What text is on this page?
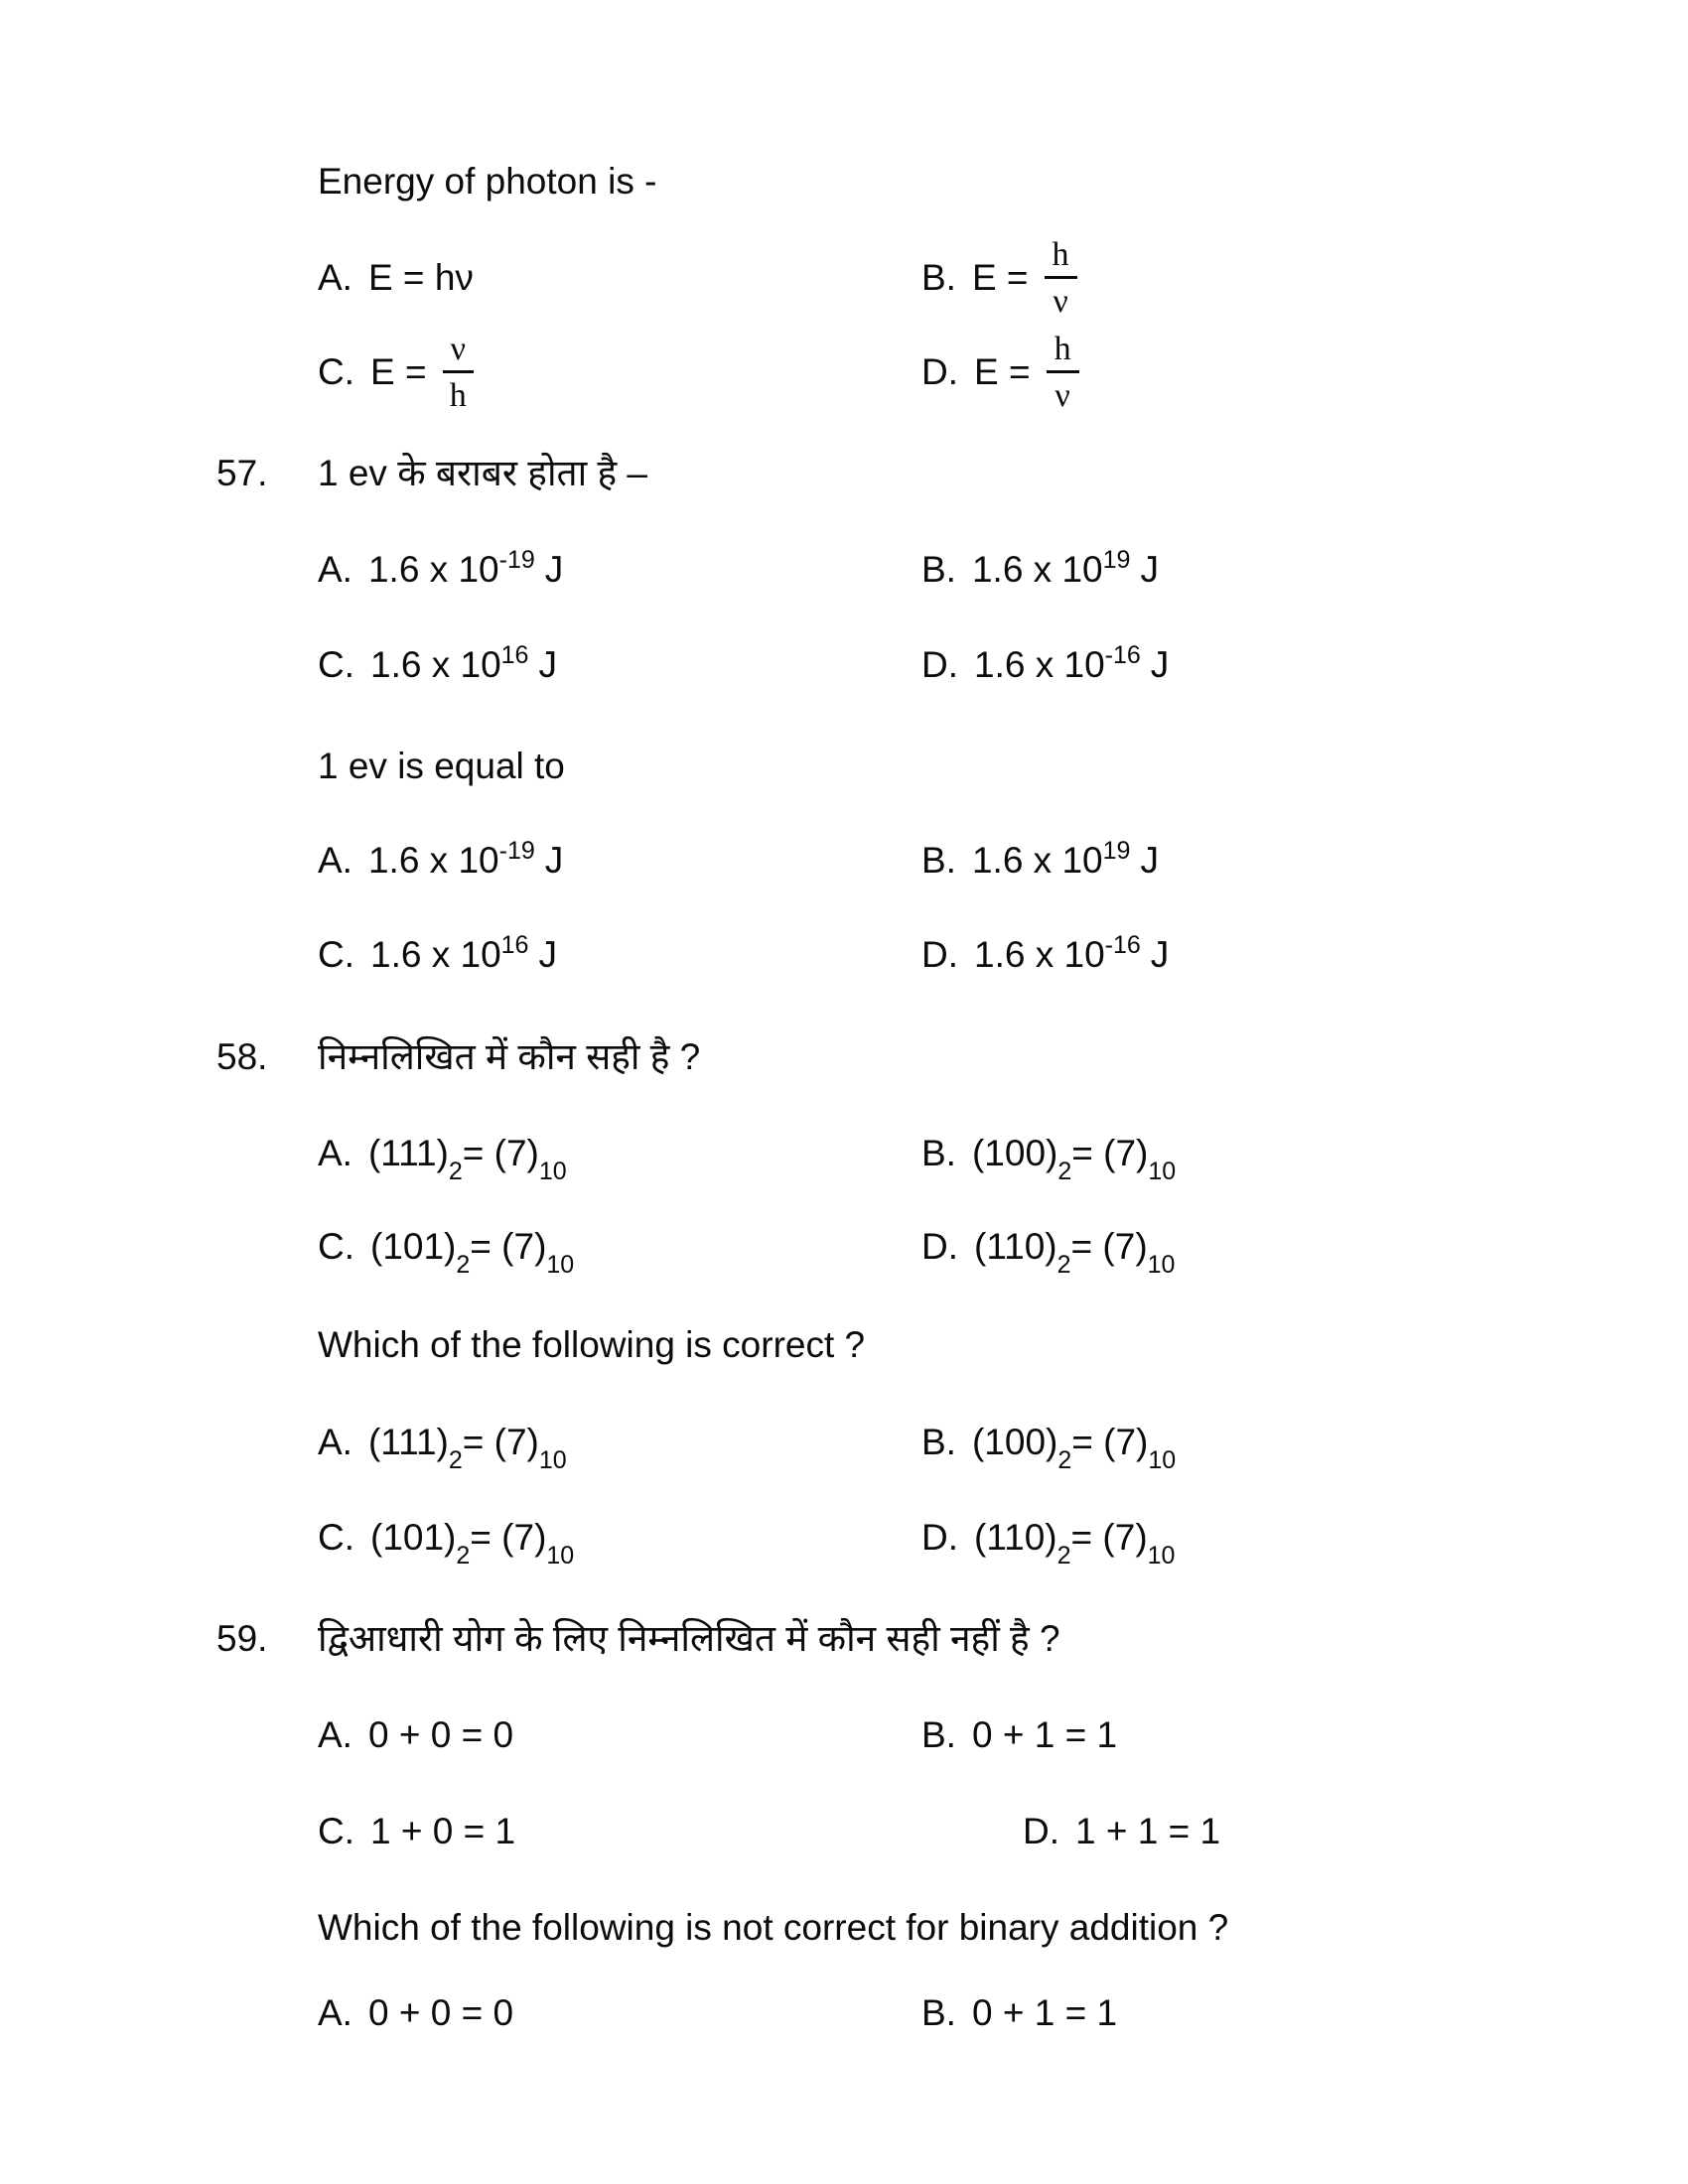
Energy of photon is -
A. E = hν	B. $E = \frac{h}{\nu}$
C. $E = \frac{\nu}{h}$	D. $E = \frac{h}{\nu}$
57. 1 ev के बराबर होता है –
A. 1.6 x $10^{-19}$ J	B. 1.6 x $10^{19}$ J
C. 1.6 x $10^{16}$ J	D. 1.6 x $10^{-16}$ J
1 ev is equal to
A. 1.6 x $10^{-19}$ J	B. 1.6 x $10^{19}$ J
C. 1.6 x $10^{16}$ J	D. 1.6 x $10^{-16}$ J
58. निम्नलिखित में कौन सही है ?
A. $(111)_2 = (7)_{10}$	B. $(100)_2 = (7)_{10}$
C. $(101)_2 = (7)_{10}$	D. $(110)_2 = (7)_{10}$
Which of the following is correct ?
A. $(111)_2 = (7)_{10}$	B. $(100)_2 = (7)_{10}$
C. $(101)_2 = (7)_{10}$	D. $(110)_2 = (7)_{10}$
59. द्विआधारी योग के लिए निम्नलिखित में कौन सही नहीं है ?
A. 0 + 0 = 0	B. 0 + 1 = 1
C. 1 + 0 = 1	D. 1 + 1 = 1
Which of the following is not correct for binary addition ?
A. 0 + 0 = 0	B. 0 + 1 = 1
